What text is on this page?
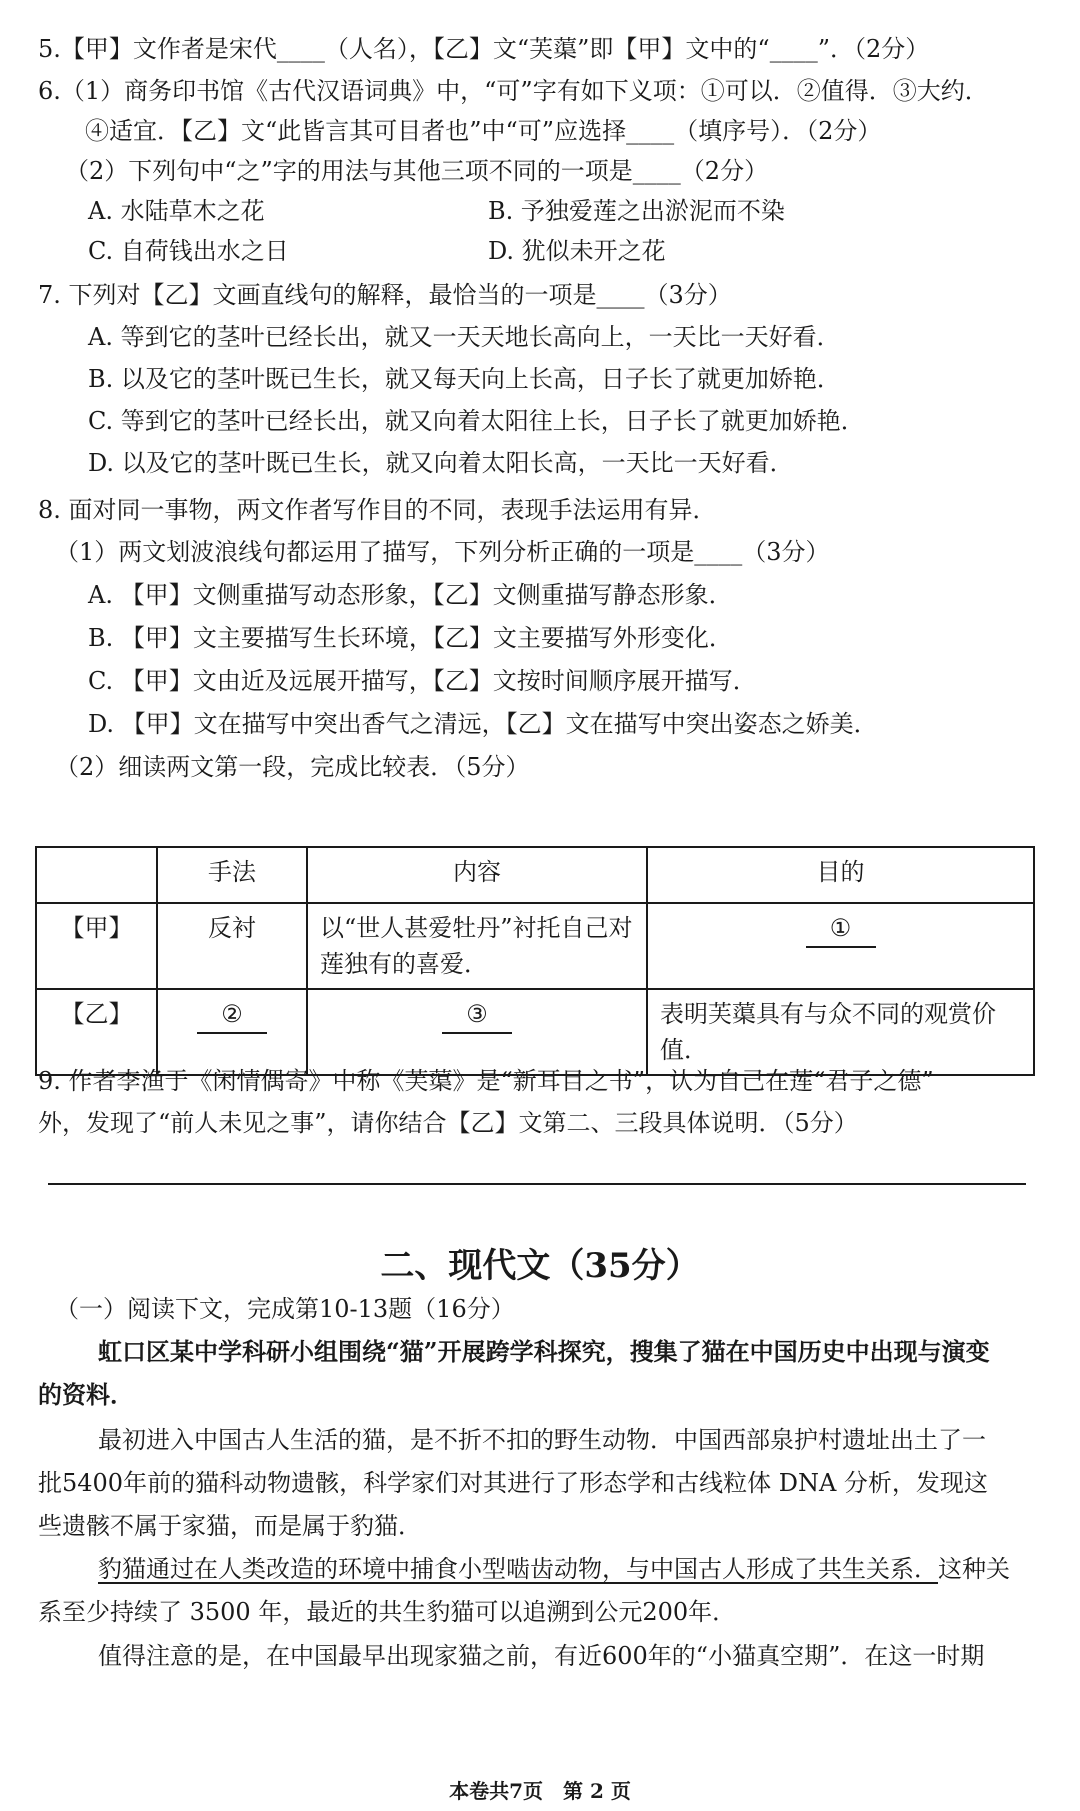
5.【甲】文作者是宋代____（人名），【乙】文“芙蕖”即【甲】文中的“____”．（2分）
6.（1）商务印书馆《古代汉语词典》中，“可”字有如下义项：①可以．②值得．③大约．
④适宜．【乙】文“此皆言其可目者也”中“可”应选择____（填序号）．（2分）
（2）下列句中“之”字的用法与其他三项不同的一项是____（2分）
A. 水陆草木之花	B. 予独爱莲之出淤泥而不染
C. 自荷钱出水之日	D. 犹似未开之花
7. 下列对【乙】文画直线句的解释，最恰当的一项是____（3分）
A. 等到它的茎叶已经长出，就又一天天地长高向上，一天比一天好看．
B. 以及它的茎叶既已生长，就又每天向上长高，日子长了就更加娇艳．
C. 等到它的茎叶已经长出，就又向着太阳往上长，日子长了就更加娇艳．
D. 以及它的茎叶既已生长，就又向着太阳长高，一天比一天好看．
8. 面对同一事物，两文作者写作目的不同，表现手法运用有异．
（1）两文划波浪线句都运用了描写，下列分析正确的一项是____（3分）
A. 【甲】文侧重描写动态形象，【乙】文侧重描写静态形象．
B. 【甲】文主要描写生长环境，【乙】文主要描写外形变化．
C. 【甲】文由近及远展开描写，【乙】文按时间顺序展开描写．
D. 【甲】文在描写中突出香气之清远，【乙】文在描写中突出姿态之娇美．
（2）细读两文第一段，完成比较表．（5分）
	手法	内容	目的
【甲】	反衬	以“世人甚爱牡丹”衬托自己对莲独有的喜爱．	①
【乙】	②	③	表明芙蕖具有与众不同的观赏价值．
9. 作者李渔于《闲情偶寄》中称《芙蕖》是“新耳目之书”，认为自己在莲“君子之德”
外，发现了“前人未见之事”，请你结合【乙】文第二、三段具体说明．（5分）
二、现代文（35分）
（一）阅读下文，完成第10-13题（16分）
虹口区某中学科研小组围绕“猫”开展跨学科探究，搜集了猫在中国历史中出现与演变
的资料．
最初进入中国古人生活的猫，是不折不扣的野生动物．中国西部泉护村遗址出土了一
批5400年前的猫科动物遗骸，科学家们对其进行了形态学和古线粒体 DNA 分析，发现这
些遗骸不属于家猫，而是属于豹猫．
豹猫通过在人类改造的环境中捕食小型啮齿动物，与中国古人形成了共生关系．这种关
系至少持续了 3500 年，最近的共生豹猫可以追溯到公元200年．
值得注意的是，在中国最早出现家猫之前，有近600年的“小猫真空期”．在这一时期
本卷共7页　第 2 页
